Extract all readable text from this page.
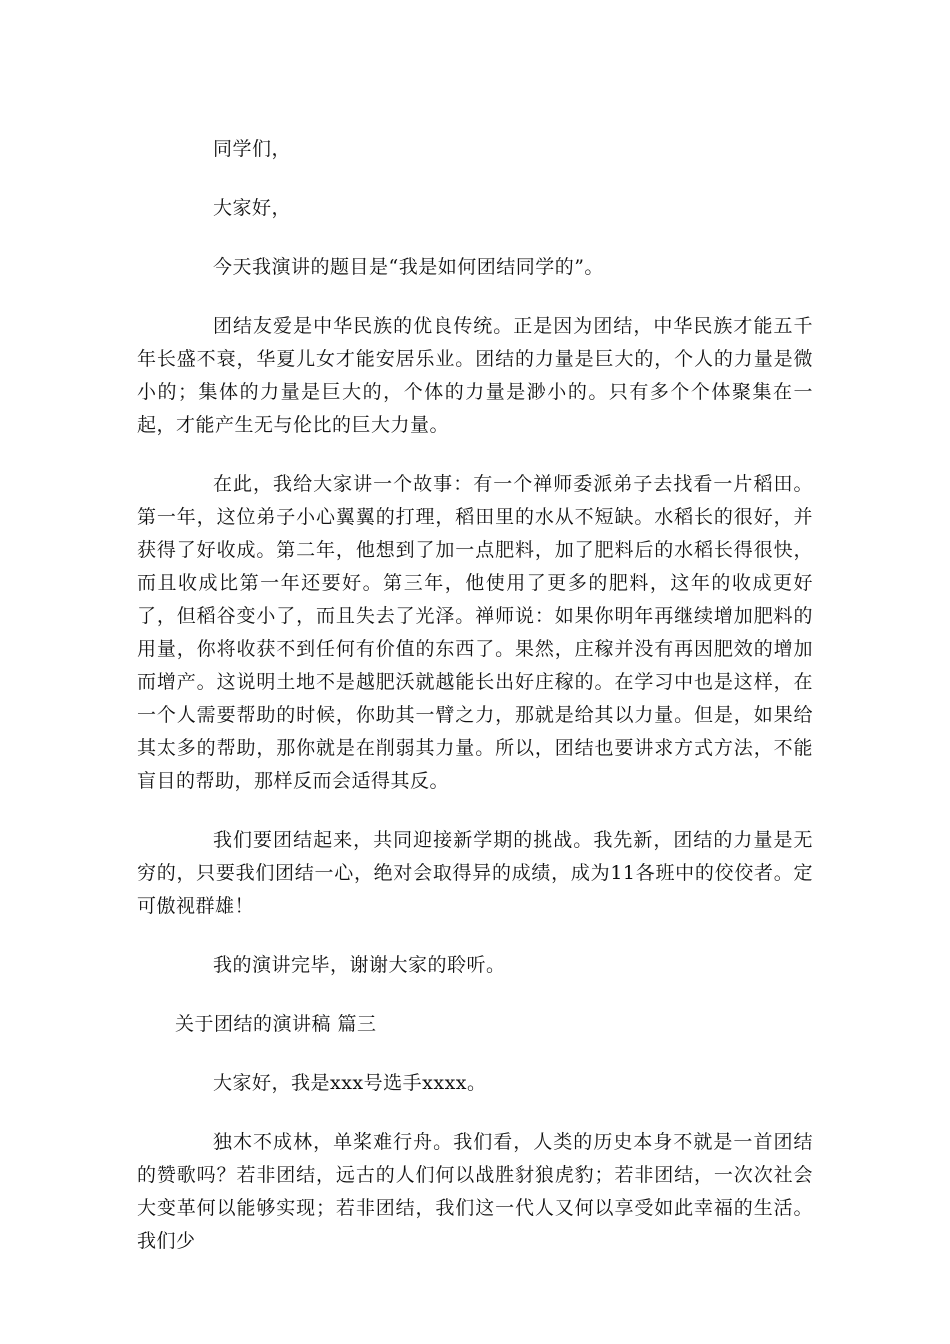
同学们，

大家好，

今天我演讲的题目是“我是如何团结同学的”。

团结友爱是中华民族的优良传统。正是因为团结，中华民族才能五千年长盛不衰，华夏儿女才能安居乐业。团结的力量是巨大的，个人的力量是微小的；集体的力量是巨大的，个体的力量是渺小的。只有多个个体聚集在一起，才能产生无与伦比的巨大力量。

在此，我给大家讲一个故事：有一个禅师委派弟子去找看一片稻田。第一年，这位弟子小心翼翼的打理，稻田里的水从不短缺。水稻长的很好，并获得了好收成。第二年，他想到了加一点肥料，加了肥料后的水稻长得很快，而且收成比第一年还要好。第三年，他使用了更多的肥料，这年的收成更好了，但稻谷变小了，而且失去了光泽。禅师说：如果你明年再继续增加肥料的用量，你将收获不到任何有价值的东西了。果然，庄稼并没有再因肥效的增加而增产。这说明土地不是越肥沃就越能长出好庄稼的。在学习中也是这样，在一个人需要帮助的时候，你助其一臂之力，那就是给其以力量。但是，如果给其太多的帮助，那你就是在削弱其力量。所以，团结也要讲求方式方法，不能盲目的帮助，那样反而会适得其反。

我们要团结起来，共同迎接新学期的挑战。我先新，团结的力量是无穷的，只要我们团结一心，绝对会取得异的成绩，成为11各班中的佼佼者。定可傲视群雄！

我的演讲完毕，谢谢大家的聆听。

关于团结的演讲稿 篇三

大家好，我是xxx号选手xxxx。

独木不成林，单桨难行舟。我们看，人类的历史本身不就是一首团结的赞歌吗？若非团结，远古的人们何以战胜豺狼虎豹；若非团结，一次次社会大变革何以能够实现；若非团结，我们这一代人又何以享受如此幸福的生活。我们少
